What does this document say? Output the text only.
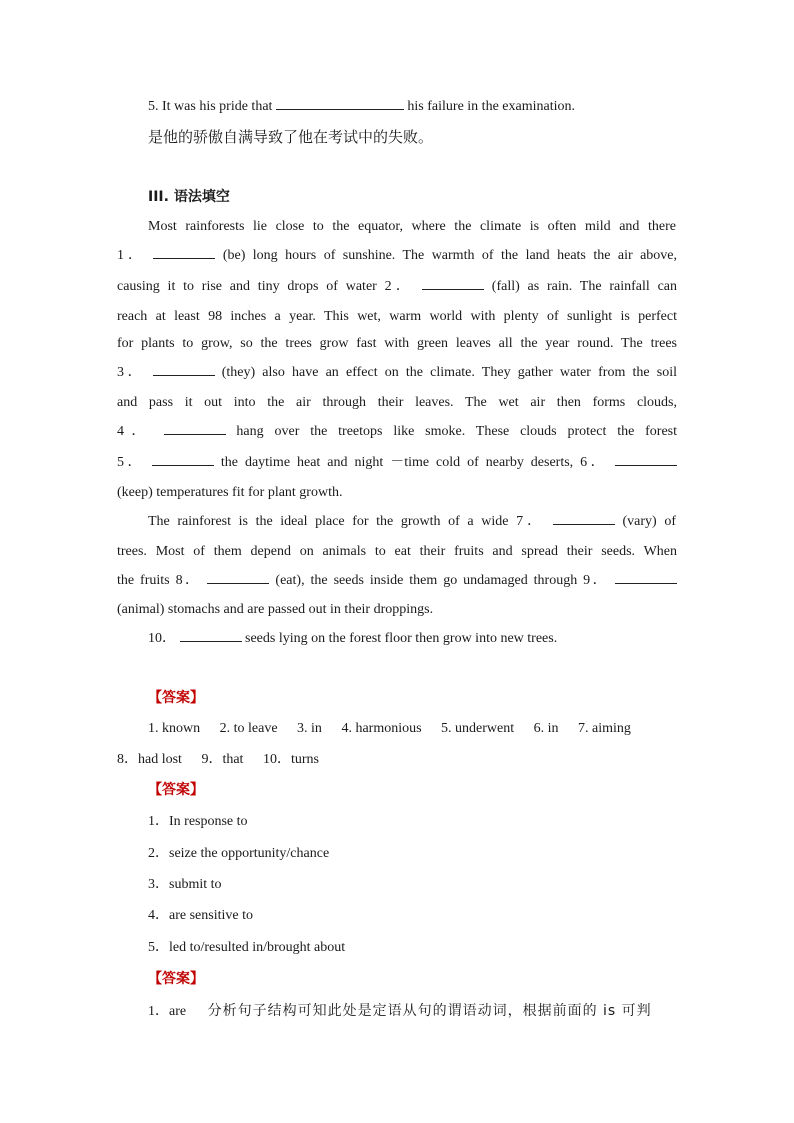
5. It was his pride that	his failure in the examination.
是他的骄傲自满导致了他在考试中的失败。
III. 语法填空
Most rainforests lie close to the equator, where the climate is often mild and there
1．	(be) long hours of sunshine. The warmth of the land heats the air above,
causing it to rise and tiny drops of water 2．	(fall) as rain. The rainfall can
reach at least 98 inches a year. This wet, warm world with plenty of sunlight is perfect
for plants to grow, so the trees grow fast with green leaves all the year round. The trees
3．	(they) also have an effect on the climate. They gather water from the soil
and pass it out into the air through their leaves. The wet air then forms clouds,
4．	hang over the treetops like smoke. These clouds protect the forest
5．	the daytime heat and night －time cold of nearby deserts, 6．
(keep) temperatures fit for plant growth.
The rainforest is the ideal place for the growth of a wide 7．	(vary) of
trees. Most of them depend on animals to eat their fruits and spread their seeds. When
the fruits 8．	(eat), the seeds inside them go undamaged through 9．
(animal) stomachs and are passed out in their droppings.
10．	seeds lying on the forest floor then grow into new trees.
【答案】
1. known 2. to leave 3. in 4. harmonious 5. underwent 6. in 7. aiming
8．had lost 9．that 10．turns
【答案】
1．In response to
2．seize the opportunity/chance
3．submit to
4．are sensitive to
5．led to/resulted in/brought about
【答案】
1．are 分析句子结构可知此处是定语从句的谓语动词，根据前面的 is 可判
